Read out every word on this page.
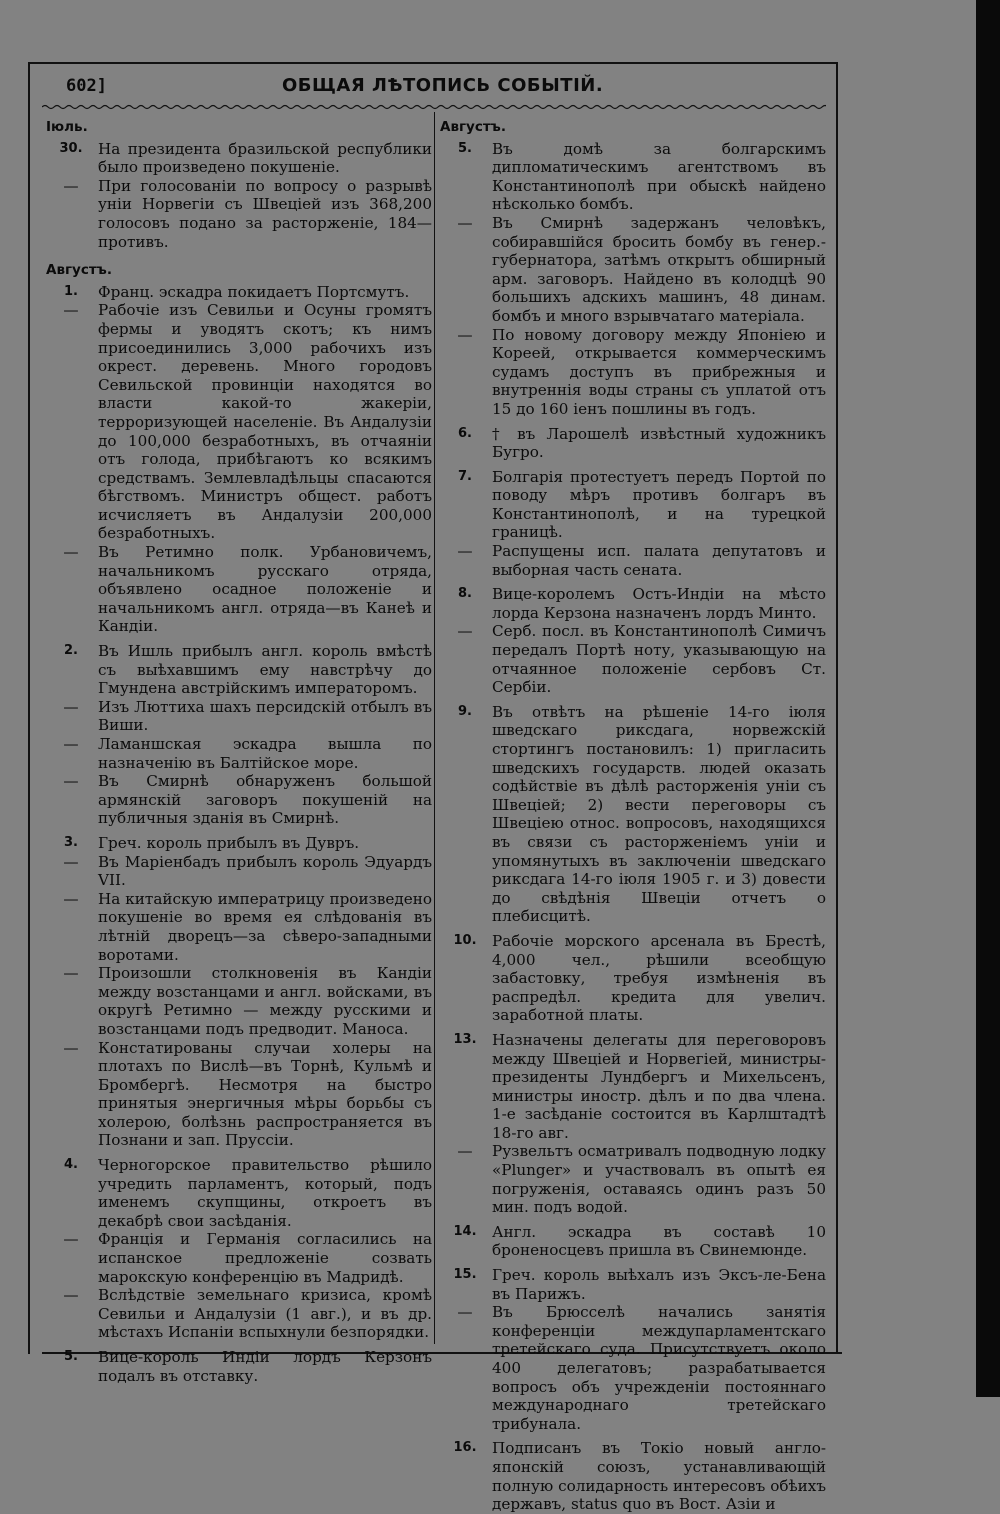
602]	ОБЩАЯ ЛѢТОПИСЬ СОБЫТІЙ.
Іюль.
30.	На президента бразильской республики было произведено покушеніе.
—	При голосованіи по вопросу о разрывѣ уніи Норвегіи съ Швеціей изъ 368,200 голосовъ подано за расторженіе, 184—противъ.
Августъ.
1.	Франц. эскадра покидаетъ Портсмутъ.
—	Рабочіе изъ Севильи и Осуны громятъ фермы и уводятъ скотъ; къ нимъ присоединились 3,000 рабочихъ изъ окрест. деревень. Много городовъ Севильской провинціи находятся во власти какой-то жакеріи, терроризующей населеніе. Въ Андалузіи до 100,000 безработныхъ, въ отчаяніи отъ голода, прибѣгаютъ ко всякимъ средствамъ. Землевладѣльцы спасаются бѣгствомъ. Министръ общест. работъ исчисляетъ въ Андалузіи 200,000 безработныхъ.
—	Въ Ретимно полк. Урбановичемъ, начальникомъ русскаго отряда, объявлено осадное положеніе и начальникомъ англ. отряда—въ Канеѣ и Кандіи.
2.	Въ Ишль прибылъ англ. король вмѣстѣ съ выѣхавшимъ ему навстрѣчу до Гмундена австрійскимъ императоромъ.
—	Изъ Люттиха шахъ персидскій отбылъ въ Виши.
—	Ламаншская эскадра вышла по назначенію въ Балтійское море.
—	Въ Смирнѣ обнаруженъ большой армянскій заговоръ покушеній на публичныя зданія въ Смирнѣ.
3.	Греч. король прибылъ въ Дувръ.
—	Въ Маріенбадъ прибылъ король Эдуардъ VII.
—	На китайскую императрицу произведено покушеніе во время ея слѣдованія въ лѣтній дворецъ—за сѣверо-западными воротами.
—	Произошли столкновенія въ Кандіи между возстанцами и англ. войсками, въ округѣ Ретимно — между русскими и возстанцами подъ предводит. Маноса.
—	Констатированы случаи холеры на плотахъ по Вислѣ—въ Торнѣ, Кульмѣ и Бромбергѣ. Несмотря на быстро принятыя энергичныя мѣры борьбы съ холерою, болѣзнь распространяется въ Познани и зап. Пруссіи.
4.	Черногорское правительство рѣшило учредить парламентъ, который, подъ именемъ скупщины, откроетъ въ декабрѣ свои засѣданія.
—	Франція и Германія согласились на испанское предложеніе созвать марокскую конференцію въ Мадридѣ.
—	Вслѣдствіе земельнаго кризиса, кромѣ Севильи и Андалузіи (1 авг.), и въ др. мѣстахъ Испаніи вспыхнули безпорядки.
5.	Вице-король Индіи лордъ Керзонъ подалъ въ отставку.
Августъ.
5.	Въ домѣ за болгарскимъ дипломатическимъ агентствомъ въ Константинополѣ при обыскѣ найдено нѣсколько бомбъ.
—	Въ Смирнѣ задержанъ человѣкъ, собиравшійся бросить бомбу въ генер.-губернатора, затѣмъ открытъ обширный арм. заговоръ. Найдено въ колодцѣ 90 большихъ адскихъ машинъ, 48 динам. бомбъ и много взрывчатаго матеріала.
—	По новому договору между Японіею и Кореей, открывается коммерческимъ судамъ доступъ въ прибрежныя и внутреннія воды страны съ уплатой отъ 15 до 160 іенъ пошлины въ годъ.
6.	† въ Ларошелѣ извѣстный художникъ Бугро.
7.	Болгарія протестуетъ передъ Портой по поводу мѣръ противъ болгаръ въ Константинополѣ, и на турецкой границѣ.
—	Распущены исп. палата депутатовъ и выборная часть сената.
8.	Вице-королемъ Остъ-Индіи на мѣсто лорда Керзона назначенъ лордъ Минто.
—	Серб. посл. въ Константинополѣ Симичъ передалъ Портѣ ноту, указывающую на отчаянное положеніе сербовъ Ст. Сербіи.
9.	Въ отвѣтъ на рѣшеніе 14-го іюля шведскаго риксдага, норвежскій стортингъ постановилъ: 1) пригласить шведскихъ государств. людей оказать содѣйствіе въ дѣлѣ расторженія уніи съ Швеціей; 2) вести переговоры съ Швеціею относ. вопросовъ, находящихся въ связи съ расторженіемъ уніи и упомянутыхъ въ заключеніи шведскаго риксдага 14-го іюля 1905 г. и 3) довести до свѣдѣнія Швеціи отчетъ о плебисцитѣ.
10.	Рабочіе морского арсенала въ Брестѣ, 4,000 чел., рѣшили всеобщую забастовку, требуя измѣненія въ распредѣл. кредита для увелич. заработной платы.
13.	Назначены делегаты для переговоровъ между Швеціей и Норвегіей, министры-президенты Лундбергъ и Михельсенъ, министры иностр. дѣлъ и по два члена. 1-е засѣданіе состоится въ Карлштадтѣ 18-го авг.
—	Рузвельтъ осматривалъ подводную лодку «Plunger» и участвовалъ въ опытѣ ея погруженія, оставаясь одинъ разъ 50 мин. подъ водой.
14.	Англ. эскадра въ составѣ 10 броненосцевъ пришла въ Свинемюнде.
15.	Греч. король выѣхалъ изъ Эксъ-ле-Бена въ Парижъ.
—	Въ Брюсселѣ начались занятія конференціи междупарламентскаго третейскаго суда. Присутствуетъ около 400 делегатовъ; разрабатывается вопросъ объ учрежденіи постояннаго международнаго третейскаго трибунала.
16.	Подписанъ въ Токіо новый англо-японскій союзъ, устанавливающій полную солидарность интересовъ обѣихъ державъ, status quo въ Вост. Азіи и
